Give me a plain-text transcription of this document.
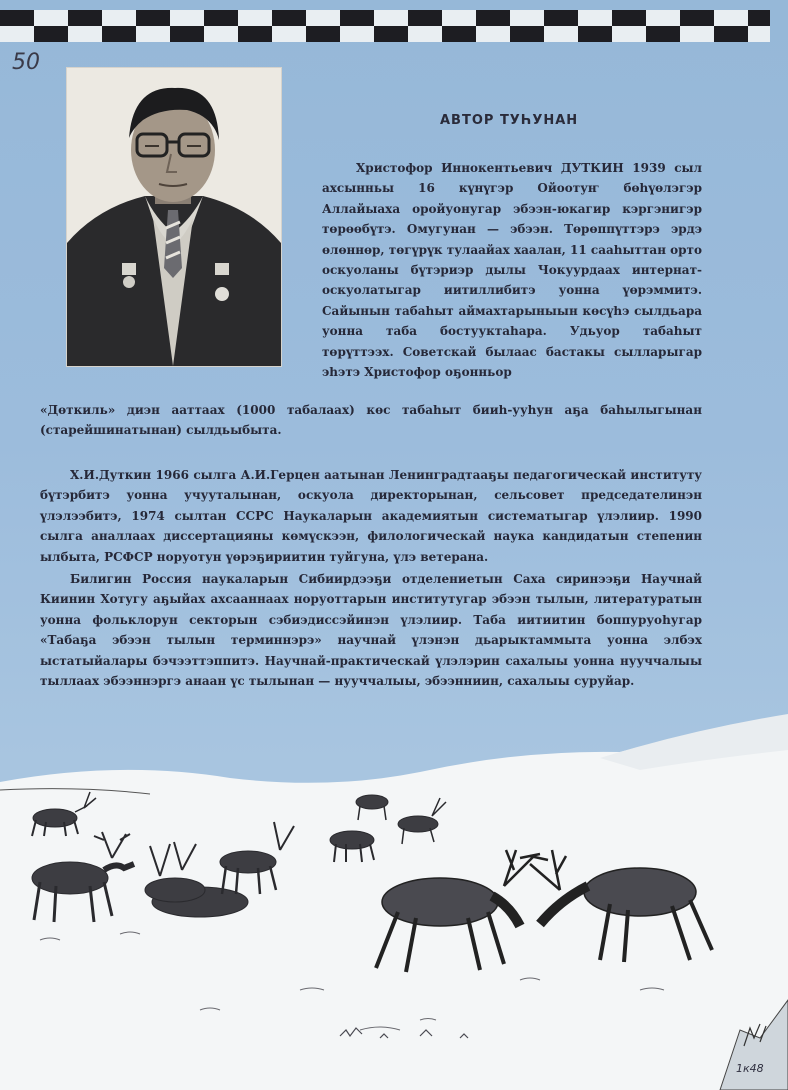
50
АВТОР ТУҺУНАН
Христофор Иннокентьевич ДУТКИН 1939 сыл ахсынньы 16 күнүгэр Ойоотуҥ бөһүөлэгэр Аллайыаха оройуонугар эбээн-юкагир кэргэнигэр төрөөбүтэ. Омугунан — эбээн. Төрөппүттэрэ эрдэ өлөннөр, төгүрүк тулаайах хаалан, 11 сааһыттан орто оскуоланы бүтэриэр дылы Чокуурдаах интернат-оскуолатыгар иитиллибитэ уонна үөрэммитэ. Сайынын табаһыт аймахтарыныын көсүһэ сылдьара уонна таба бостууктаһара. Удьуор табаһыт төрүттээх. Советскай былаас бастакы сылларыгар эһэтэ Христофор оҕонньор
«Дөткиль» диэн ааттаах (1000 табалаах) көс табаһыт бииһ-ууһун аҕа баһылыгынан (старейшинатынан) сылдьыбыта.

Х.И.Дуткин 1966 сылга А.И.Герцен аатынан Ленинградтааҕы педагогическай институту бүтэрбитэ уонна учууталынан, оскуола директорынан, сельсовет председателинэн үлэлээбитэ, 1974 сылтан ССРС Наукаларын академиятын систематыгар үлэлиир. 1990 сылга аналлаах диссертацияны көмүскээн, филологическай наука кандидатын степенин ылбыта, РСФСР норуотун үөрэҕириитин туйгуна, үлэ ветерана.

Билигин Россия наукаларын Сибиирдээҕи отделениетын Саха сиринээҕи Научнай Киинин Хотугу аҕыйах ахсааннаах норуоттарын институтугар эбээн тылын, литературатын уонна фольклорун секторын сэбиэдиссэйинэн үлэлиир. Таба иитиитин боппуруоһугар «Табаҕа эбээн тылын терминнэрэ» научнай үлэнэн дьарыктаммыта уонна элбэх ыстатыйалары бэчээттэппитэ. Научнай-практическай үлэлэрин сахалыы уонна нууччалыы тыллаах эбээннэргэ анаан үс тылынан — нууччалыы, эбээнниин, сахалыы суруйар.

1к48
